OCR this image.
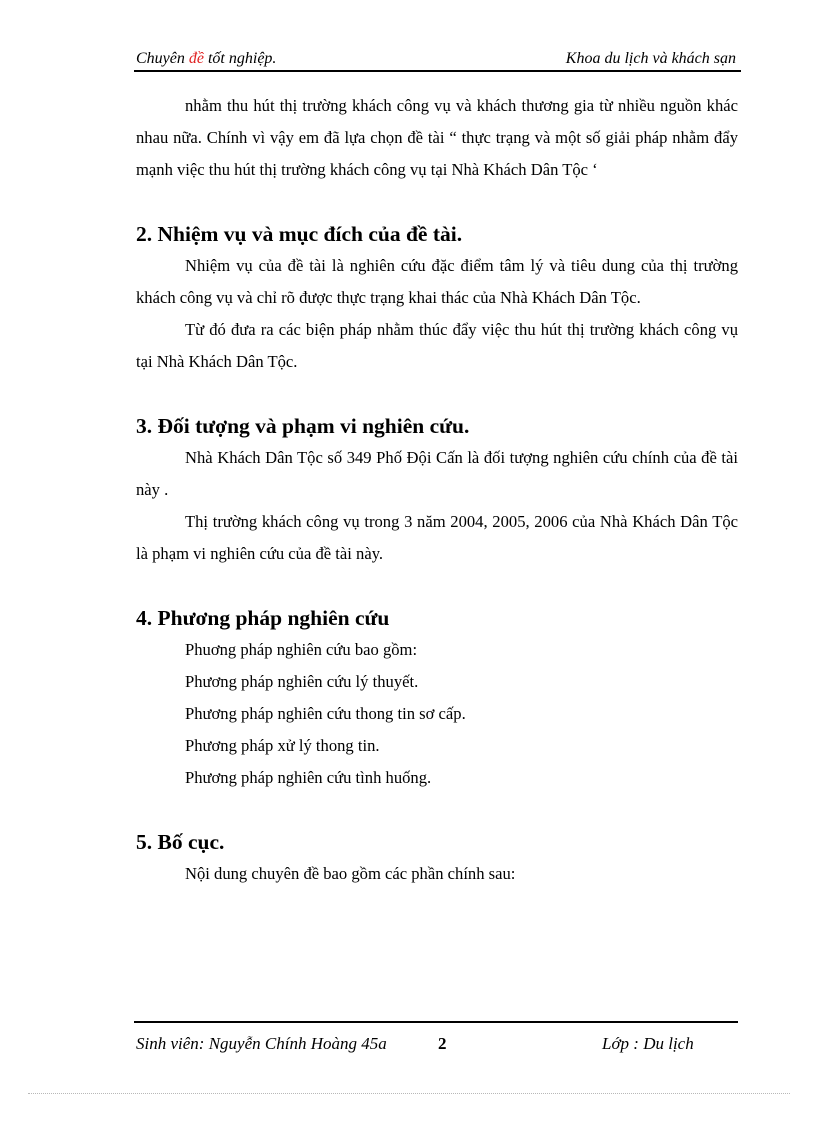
Chuyên đề tốt nghiệp.	Khoa du lịch và khách sạn

nhằm thu hút thị trường khách công vụ và khách thương gia từ nhiều nguồn khác nhau nữa. Chính vì vậy em đã lựa chọn đề tài “ thực trạng và một số giải pháp nhằm đẩy mạnh việc thu hút thị trường khách công vụ tại Nhà Khách Dân Tộc ‘

2. Nhiệm vụ và mục đích của đề tài.

Nhiệm vụ của đề tài là nghiên cứu đặc điểm tâm lý và tiêu dung của thị trường khách công vụ và chỉ rõ được thực trạng khai thác của Nhà Khách Dân Tộc.

Từ đó đưa ra các biện pháp nhằm thúc đẩy việc thu hút thị trường khách công vụ tại Nhà Khách Dân Tộc.

3. Đối tượng và phạm vi nghiên cứu.

Nhà Khách Dân Tộc số 349 Phố Đội Cấn là đối tượng nghiên cứu chính của đề tài này .

Thị trường khách công vụ trong 3 năm 2004, 2005, 2006 của Nhà Khách Dân Tộc là phạm vi nghiên cứu của đề tài này.

4. Phương pháp nghiên cứu

Phuơng pháp nghiên cứu bao gồm:

Phương pháp nghiên cứu lý thuyết.

Phương pháp nghiên cứu thong tin sơ cấp.

Phương pháp xử lý thong tin.

Phương pháp nghiên cứu tình huống.

5. Bố cục.

Nội dung chuyên đề bao gồm các phần chính sau:

Sinh viên: Nguyễn Chính Hoàng 45a	2	Lớp : Du lịch
